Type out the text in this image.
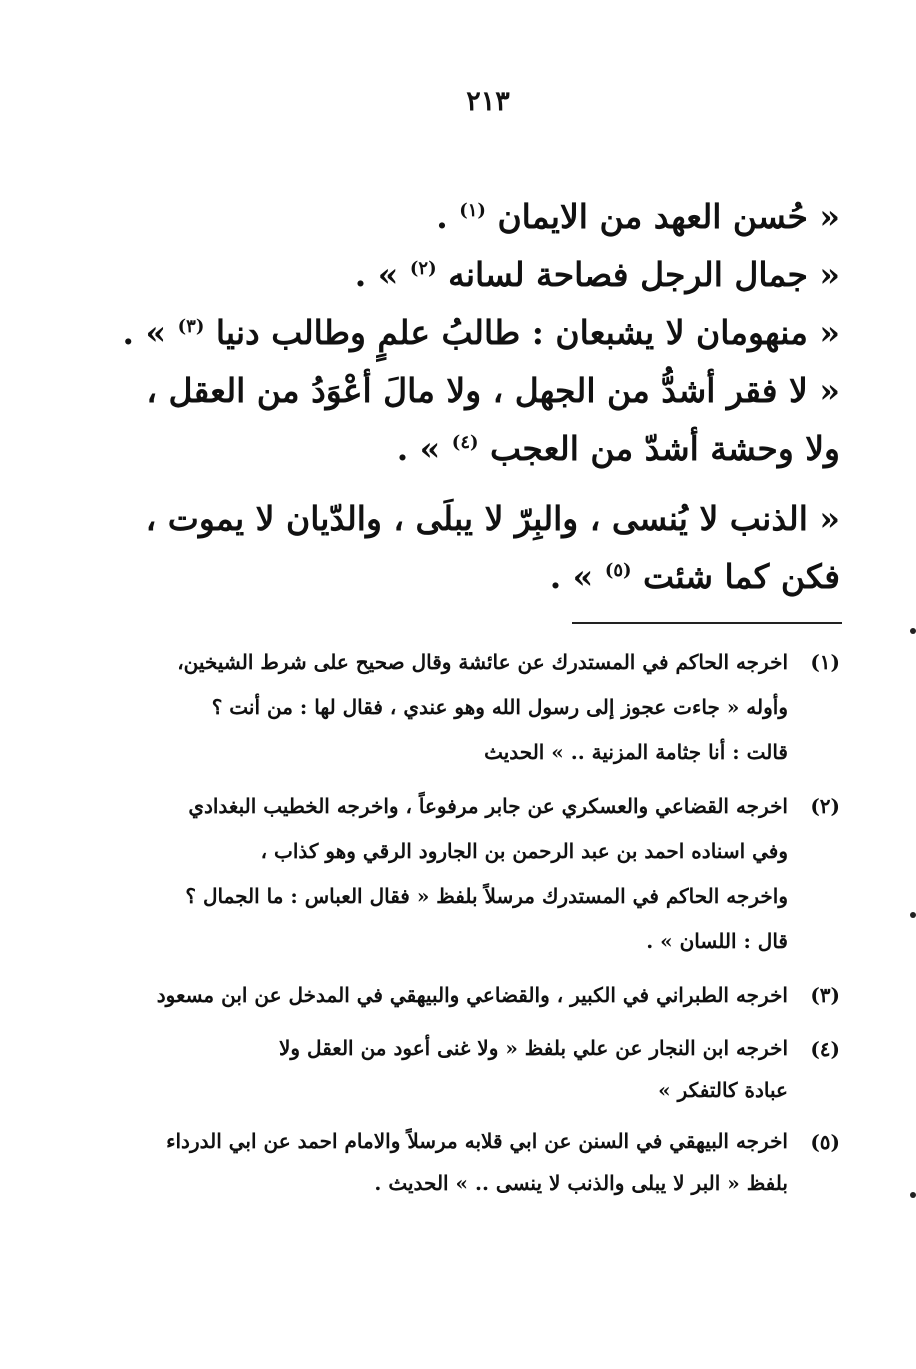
٢١٣
« حُسن العهد من الايمان $^{(١)}$ .
« جمال الرجل فصاحة لسانه $^{(٢)}$ » .
« منهومان لا يشبعان : طالبُ علمٍ وطالب دنيا $^{(٣)}$ » .
« لا فقر أشدُّ من الجهل ، ولا مالَ أعْوَدُ من العقل ،
ولا وحشة أشدّ من العجب $^{(٤)}$ » .
« الذنب لا يُنسى ، والبِرّ لا يبلَى ، والدّيان لا يموت ،
فكن كما شئت $^{(٥)}$ » .
(١)
اخرجه الحاكم في المستدرك عن عائشة وقال صحيح على شرط الشيخين،
وأوله « جاءت عجوز إلى رسول الله وهو عندي ، فقال لها : من أنت ؟
قالت : أنا جثامة المزنية .. » الحديث
(٢)
اخرجه القضاعي والعسكري عن جابر مرفوعاً ، واخرجه الخطيب البغدادي
وفي اسناده احمد بن عبد الرحمن بن الجارود الرقي وهو كذاب ،
واخرجه الحاكم في المستدرك مرسلاً بلفظ « فقال العباس : ما الجمال ؟
قال : اللسان » .
(٣)
اخرجه الطبراني في الكبير ، والقضاعي والبيهقي في المدخل عن ابن مسعود
(٤)
اخرجه ابن النجار عن علي بلفظ « ولا غنى أعود من العقل ولا
عبادة كالتفكر »
(٥)
اخرجه البيهقي في السنن عن ابي قلابه مرسلاً والامام احمد عن ابي الدرداء
بلفظ « البر لا يبلى والذنب لا ينسى .. » الحديث .
